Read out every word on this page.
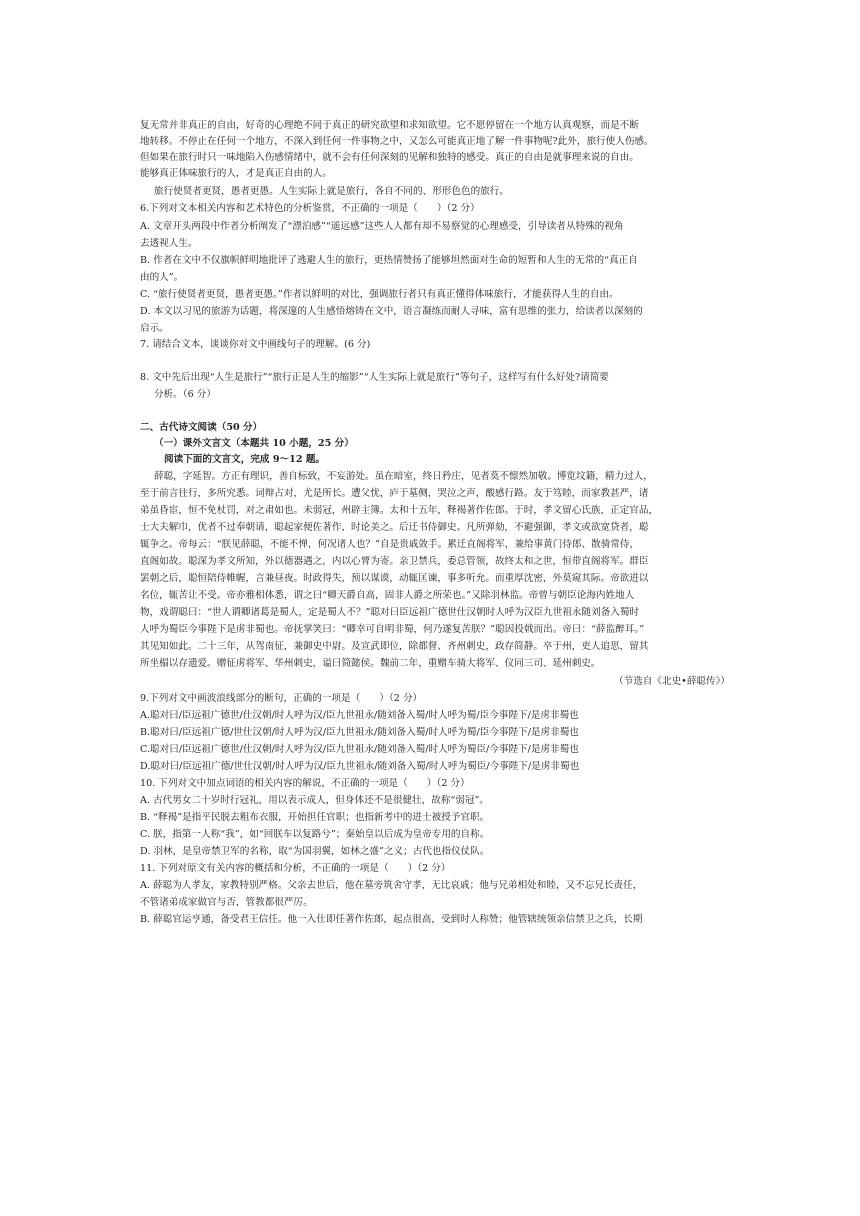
复无常并非真正的自由，好奇的心理绝不同于真正的研究欲望和求知欲望。它不愿停留在一个地方认真观察，而是不断
地转移。不停止在任何一个地方，不深入到任何一件事物之中，又怎么可能真正地了解一件事物呢?此外，旅行使人伤感。
但如果在旅行时只一味地陷入伤感情绪中，就不会有任何深刻的见解和独特的感受。真正的自由是就事理来说的自由。
能够真正体味旅行的人，才是真正自由的人。
旅行使贤者更贤，愚者更愚。人生实际上就是旅行，各自不同的、形形色色的旅行。
6.下列对文本相关内容和艺术特色的分析鉴赏，不正确的一项是（　　）（2 分）
A. 文章开头两段中作者分析阐发了“漂泊感”“遥远感”这些人人都有却不易察觉的心理感受，引导读者从特殊的视角
去透视人生。
B. 作者在文中不仅旗帜鲜明地批评了逃避人生的旅行，更热情赞扬了能够坦然面对生命的短暂和人生的无常的“真正自
由的人”。
C. “旅行使贤者更贤，愚者更愚。”作者以鲜明的对比，强调旅行者只有真正懂得体味旅行，才能获得人生的自由。
D. 本文以习见的旅游为话题，将深邃的人生感悟熔铸在文中，语言凝练而耐人寻味，富有思维的张力，给读者以深刻的
启示。
7. 请结合文本，谈谈你对文中画线句子的理解。(6 分)
8. 文中先后出现“人生是旅行”“旅行正是人生的缩影”“人生实际上就是旅行”等句子，这样写有什么好处?请简要
分析。（6 分）
二、古代诗文阅读（50 分）
（一）课外文言文（本题共 10 小题，25 分）
阅读下面的文言文，完成 9～12 题。
薛聪，字延智。方正有理识，善自标致，不妄游处。虽在暗室，终日矜庄，见者莫不懔然加敬。博览坟籍，精力过人，
至于前言往行，多所究悉。词辩占对，尤是所长。遭父忧，庐于墓侧，哭泣之声，酸感行路。友于笃睦，而家教甚严，诸
弟虽昏宦，恒不免杖罚，对之肃如也。未弱冠，州辟主簿。太和十五年，释褐著作佐郎。于时，孝文留心氏族，正定官品，
士大夫解巾，优者不过奉朝请，聪起家便佐著作，时论美之。后迁书侍御史。凡所弹劾，不避强御，孝文或欲宽贷者，聪
辄争之。帝每云：“朕见薛聪，不能不惮，何况诸人也？”自是贵戚敛手。累迁直阁将军，兼给事黄门侍郎、散骑常侍，
直阁如故。聪深为孝文所知，外以德器遇之，内以心膂为寄。亲卫禁兵，委总管领，故终太和之世，恒带直阁将军。群臣
罢朝之后，聪恒陪侍帷幄，言兼昼夜。时政得失，预以谋谟，动辄匡谏，事多听允。而重厚沈密，外莫窥其际。帝欲进以
名位，辄苦让不受。帝亦雅相体悉，谓之曰“卿天爵自高，固非人爵之所荣也。”又除羽林监。帝曾与朝臣论海内姓地人
物，戏谓聪曰：“世人谓卿诸葛是蜀人，定是蜀人不？”聪对曰臣远祖广德世仕汉朝时人呼为汉臣九世祖永随刘备入蜀时
人呼为蜀臣今事陛下是虏非蜀也。帝抚掌笑曰：“卿幸可自明非蜀，何乃遂复苦朕？”聪因投戟而出。帝曰：“薛监醉耳。”
其见知如此。二十三年，从驾南征，兼御史中尉。及宣武即位，除都督、齐州刺史，政存简静。卒于州，吏人追思，留其
所坐榻以存遗爱。赠征虏将军、华州刺史，谥曰简懿侯。魏前二年，重赠车骑大将军、仪同三司、延州刺史。
（节选自《北史•薛聪传》）
9.下列对文中画波浪线部分的断句，正确的一项是（　　）（2 分）
A.聪对曰/臣远祖广德世/仕汉朝/时人呼为汉/臣九世祖永/随刘备入蜀/时人呼为蜀/臣今事陛下/是虏非蜀也
B.聪对曰/臣远祖广德/世仕汉朝/时人呼为汉/臣九世祖永/随刘备入蜀/时人呼为蜀/臣今事陛下/是虏非蜀也
C.聪对曰/臣远祖广德世/仕汉朝/时人呼为汉/臣九世祖永/随刘备入蜀/时人呼为蜀臣/今事陛下/是虏非蜀也
D.聪对曰/臣远祖广德/世仕汉朝/时人呼为汉/臣九世祖永/随刘备入蜀/时人呼为蜀臣/今事陛下/是虏非蜀也
10. 下列对文中加点词语的相关内容的解说，不正确的一项是（　　）（2 分）
A. 古代男女二十岁时行冠礼，用以表示成人，但身体还不是很健壮，故称“弱冠”。
B. “释褐”是指平民脱去粗布衣服，开始担任官职；也指新考中的进士被授予官职。
C. 朕，指第一人称“我”，如“回朕车以复路兮”；秦始皇以后成为皇帝专用的自称。
D. 羽林，是皇帝禁卫军的名称，取“为国羽翼，如林之盛”之义；古代也指仪仗队。
11. 下列对原文有关内容的概括和分析，不正确的一项是（　　）（2 分）
A. 薛聪为人孝友，家教特别严格。父亲去世后，他在墓旁筑舍守孝，无比哀戚；他与兄弟相处和睦，又不忘兄长责任，
不管诸弟成家做官与否，管教都很严厉。
B. 薛聪官运亨通，备受君王信任。他一入仕即任著作佐郎，起点很高，受到时人称赞；他管辖统领亲信禁卫之兵，长期
